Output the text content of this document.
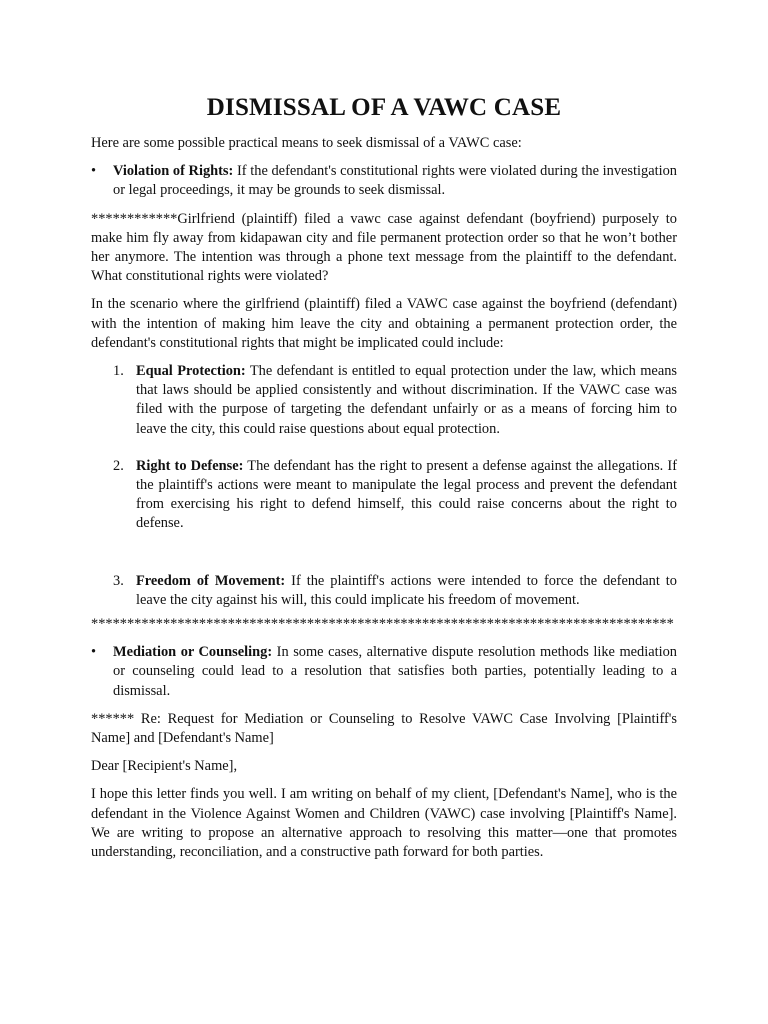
DISMISSAL OF A VAWC CASE

Here are some possible practical means to seek dismissal of a VAWC case:

• Violation of Rights: If the defendant's constitutional rights were violated during the investigation or legal proceedings, it may be grounds to seek dismissal.

************Girlfriend (plaintiff) filed a vawc case against defendant (boyfriend) purposely to make him fly away from kidapawan city and file permanent protection order so that he won’t bother her anymore. The intention was through a phone text message from the plaintiff to the defendant. What constitutional rights were violated?

In the scenario where the girlfriend (plaintiff) filed a VAWC case against the boyfriend (defendant) with the intention of making him leave the city and obtaining a permanent protection order, the defendant's constitutional rights that might be implicated could include:

1. Equal Protection: The defendant is entitled to equal protection under the law, which means that laws should be applied consistently and without discrimination. If the VAWC case was filed with the purpose of targeting the defendant unfairly or as a means of forcing him to leave the city, this could raise questions about equal protection.
2. Right to Defense: The defendant has the right to present a defense against the allegations. If the plaintiff's actions were meant to manipulate the legal process and prevent the defendant from exercising his right to defend himself, this could raise concerns about the right to defense.
3. Freedom of Movement: If the plaintiff's actions were intended to force the defendant to leave the city against his will, this could implicate his freedom of movement.

*********************************************************************************

• Mediation or Counseling: In some cases, alternative dispute resolution methods like mediation or counseling could lead to a resolution that satisfies both parties, potentially leading to a dismissal.

****** Re: Request for Mediation or Counseling to Resolve VAWC Case Involving [Plaintiff's Name] and [Defendant's Name]

Dear [Recipient's Name],

I hope this letter finds you well. I am writing on behalf of my client, [Defendant's Name], who is the defendant in the Violence Against Women and Children (VAWC) case involving [Plaintiff's Name]. We are writing to propose an alternative approach to resolving this matter—one that promotes understanding, reconciliation, and a constructive path forward for both parties.
